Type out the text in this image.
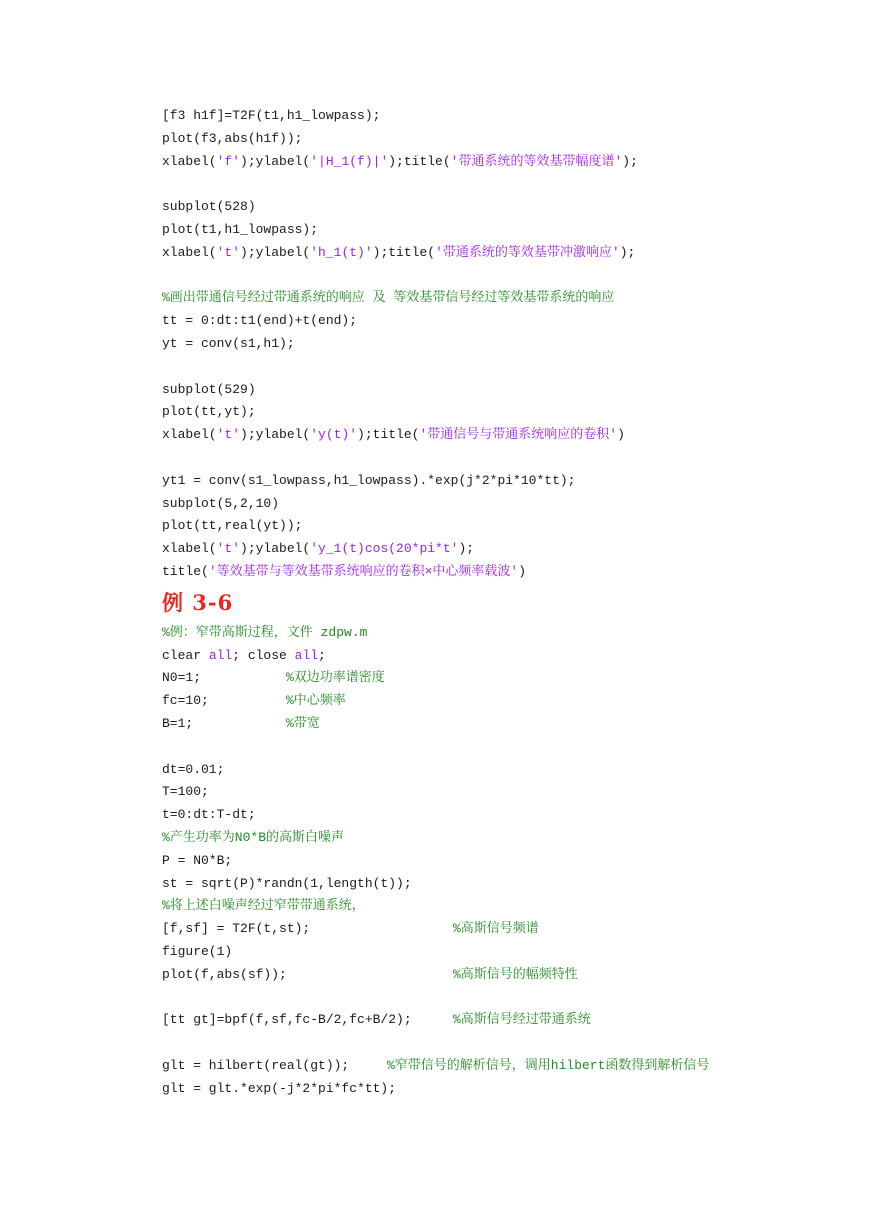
[f3 h1f]=T2F(t1,h1_lowpass);
plot(f3,abs(h1f));
xlabel('f');ylabel('|H_1(f)|');title('带通系统的等效基带幅度谱');
subplot(528)
plot(t1,h1_lowpass);
xlabel('t');ylabel('h_1(t)');title('带通系统的等效基带冲激响应');
%画出带通信号经过带通系统的响应 及 等效基带信号经过等效基带系统的响应
tt = 0:dt:t1(end)+t(end);
yt = conv(s1,h1);
subplot(529)
plot(tt,yt);
xlabel('t');ylabel('y(t)');title('带通信号与带通系统响应的卷积')
yt1 = conv(s1_lowpass,h1_lowpass).*exp(j*2*pi*10*tt);
subplot(5,2,10)
plot(tt,real(yt));
xlabel('t');ylabel('y_1(t)cos(20*pi*t');
title('等效基带与等效基带系统响应的卷积×中心频率载波')
例 3-6
%例：窄带高斯过程，文件 zdpw.m
clear all; close all;
N0=1;	%双边功率谱密度
fc=10;	%中心频率
B=1;	%带宽
dt=0.01;
T=100;
t=0:dt:T-dt;
%产生功率为N0*B的高斯白噪声
P = N0*B;
st = sqrt(P)*randn(1,length(t));
%将上述白噪声经过窄带带通系统，
[f,sf] = T2F(t,st);	%高斯信号频谱
figure(1)
plot(f,abs(sf));	%高斯信号的幅频特性
[tt gt]=bpf(f,sf,fc-B/2,fc+B/2);	%高斯信号经过带通系统
glt = hilbert(real(gt));	%窄带信号的解析信号，调用hilbert函数得到解析信号
glt = glt.*exp(-j*2*pi*fc*tt);
